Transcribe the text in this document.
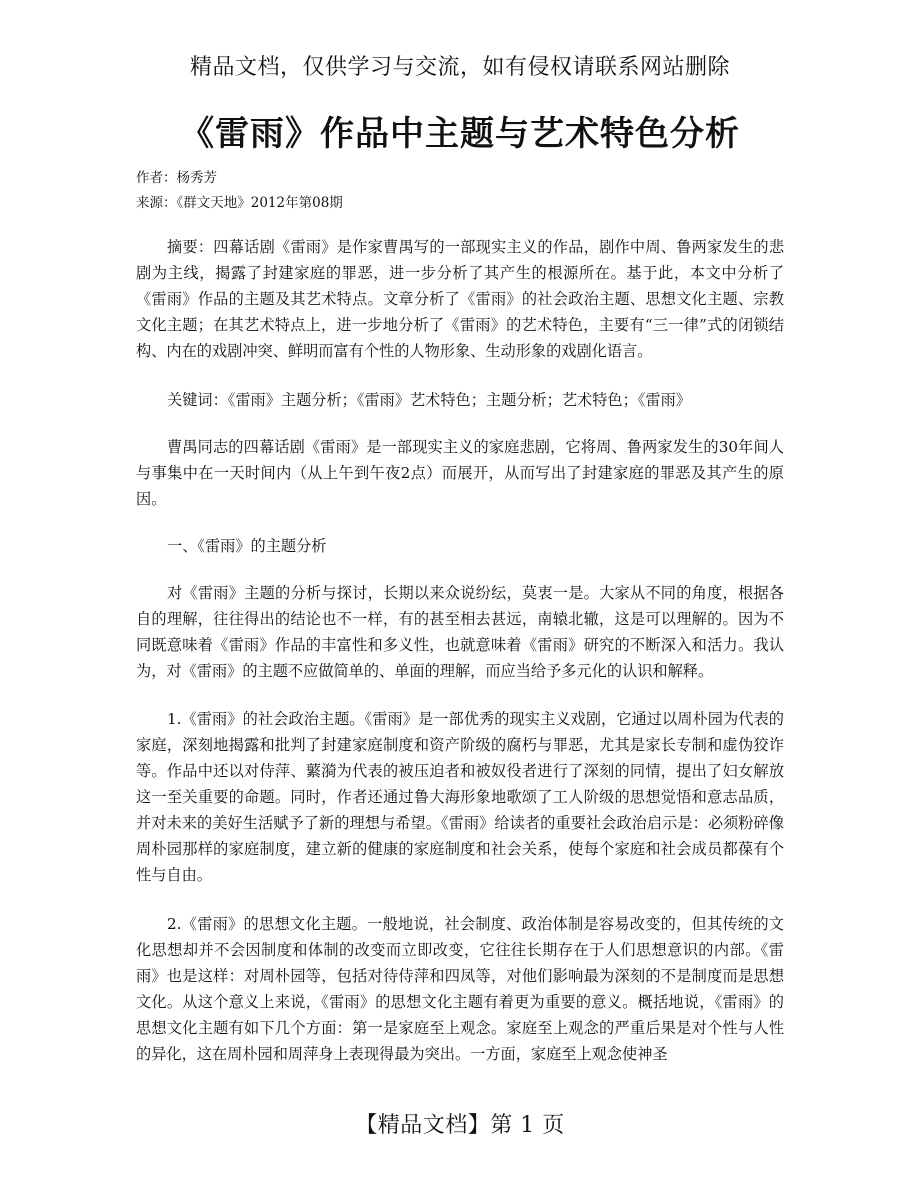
精品文档，仅供学习与交流，如有侵权请联系网站删除
《雷雨》作品中主题与艺术特色分析
作者：杨秀芳
来源：《群文天地》2012年第08期

摘要：四幕话剧《雷雨》是作家曹禺写的一部现实主义的作品，剧作中周、鲁两家发生的悲剧为主线，揭露了封建家庭的罪恶，进一步分析了其产生的根源所在。基于此，本文中分析了《雷雨》作品的主题及其艺术特点。文章分析了《雷雨》的社会政治主题、思想文化主题、宗教文化主题；在其艺术特点上，进一步地分析了《雷雨》的艺术特色，主要有“三一律”式的闭锁结构、内在的戏剧冲突、鲜明而富有个性的人物形象、生动形象的戏剧化语言。

关键词：《雷雨》主题分析；《雷雨》艺术特色；主题分析；艺术特色；《雷雨》

曹禺同志的四幕话剧《雷雨》是一部现实主义的家庭悲剧，它将周、鲁两家发生的30年间人与事集中在一天时间内（从上午到午夜2点）而展开，从而写出了封建家庭的罪恶及其产生的原因。

一、《雷雨》的主题分析

对《雷雨》主题的分析与探讨，长期以来众说纷纭，莫衷一是。大家从不同的角度，根据各自的理解，往往得出的结论也不一样，有的甚至相去甚远，南辕北辙，这是可以理解的。因为不同既意味着《雷雨》作品的丰富性和多义性，也就意味着《雷雨》研究的不断深入和活力。我认为，对《雷雨》的主题不应做简单的、单面的理解，而应当给予多元化的认识和解释。

1.《雷雨》的社会政治主题。《雷雨》是一部优秀的现实主义戏剧，它通过以周朴园为代表的家庭，深刻地揭露和批判了封建家庭制度和资产阶级的腐朽与罪恶，尤其是家长专制和虚伪狡诈等。作品中还以对侍萍、蘩漪为代表的被压迫者和被奴役者进行了深刻的同情，提出了妇女解放这一至关重要的命题。同时，作者还通过鲁大海形象地歌颂了工人阶级的思想觉悟和意志品质，并对未来的美好生活赋予了新的理想与希望。《雷雨》给读者的重要社会政治启示是：必须粉碎像周朴园那样的家庭制度，建立新的健康的家庭制度和社会关系，使每个家庭和社会成员都葆有个性与自由。

2.《雷雨》的思想文化主题。一般地说，社会制度、政治体制是容易改变的，但其传统的文化思想却并不会因制度和体制的改变而立即改变，它往往长期存在于人们思想意识的内部。《雷雨》也是这样：对周朴园等，包括对待侍萍和四凤等，对他们影响最为深刻的不是制度而是思想文化。从这个意义上来说，《雷雨》的思想文化主题有着更为重要的意义。概括地说，《雷雨》的思想文化主题有如下几个方面：第一是家庭至上观念。家庭至上观念的严重后果是对个性与人性的异化，这在周朴园和周萍身上表现得最为突出。一方面，家庭至上观念使神圣

【精品文档】第 1 页
